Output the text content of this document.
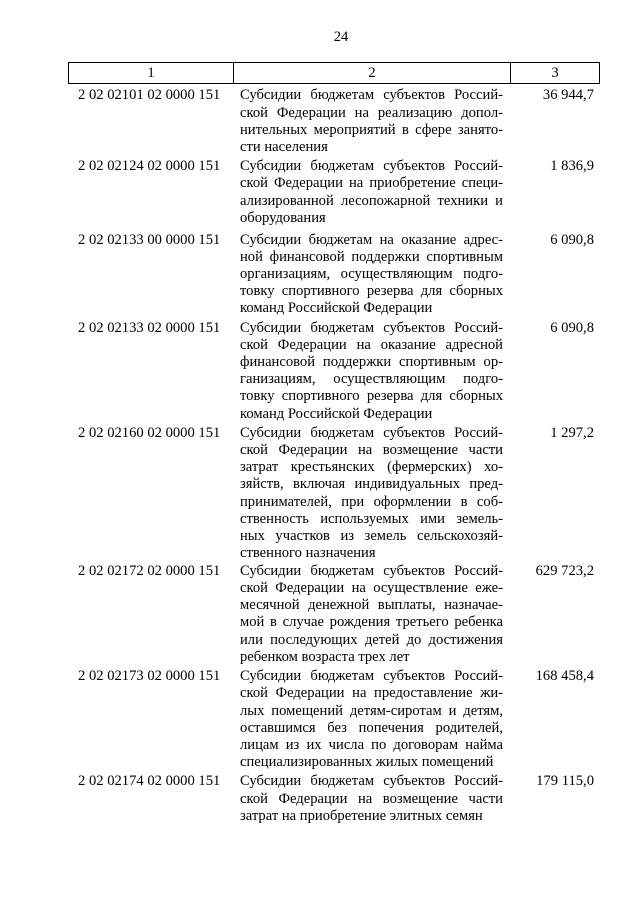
24
1	2	3
2 02 02101 02 0000 151	Субсидии бюджетам субъектов Россий-
ской Федерации на реализацию допол-
нительных мероприятий в сфере занято-
сти населения
36 944,7
2 02 02124 02 0000 151	Субсидии бюджетам субъектов Россий-
ской Федерации на приобретение специ-
ализированной лесопожарной техники и
оборудования
1 836,9
2 02 02133 00 0000 151	Субсидии бюджетам на оказание адрес-
ной финансовой поддержки спортивным
организациям, осуществляющим подго-
товку спортивного резерва для сборных
команд Российской Федерации
6 090,8
2 02 02133 02 0000 151	Субсидии бюджетам субъектов Россий-
ской Федерации на оказание адресной
финансовой поддержки спортивным ор-
ганизациям, осуществляющим подго-
товку спортивного резерва для сборных
команд Российской Федерации
6 090,8
2 02 02160 02 0000 151	Субсидии бюджетам субъектов Россий-
ской Федерации на возмещение части
затрат крестьянских (фермерских) хо-
зяйств, включая индивидуальных пред-
принимателей, при оформлении в соб-
ственность используемых ими земель-
ных участков из земель сельскохозяй-
ственного назначения
1 297,2
2 02 02172 02 0000 151	Субсидии бюджетам субъектов Россий-
ской Федерации на осуществление еже-
месячной денежной выплаты, назначае-
мой в случае рождения третьего ребенка
или последующих детей до достижения
ребенком возраста трех лет
629 723,2
2 02 02173 02 0000 151	Субсидии бюджетам субъектов Россий-
ской Федерации на предоставление жи-
лых помещений детям-сиротам и детям,
оставшимся без попечения родителей,
лицам из их числа по договорам найма
специализированных жилых помещений
168 458,4
2 02 02174 02 0000 151	Субсидии бюджетам субъектов Россий-
ской Федерации на возмещение части
затрат на приобретение элитных семян
179 115,0
